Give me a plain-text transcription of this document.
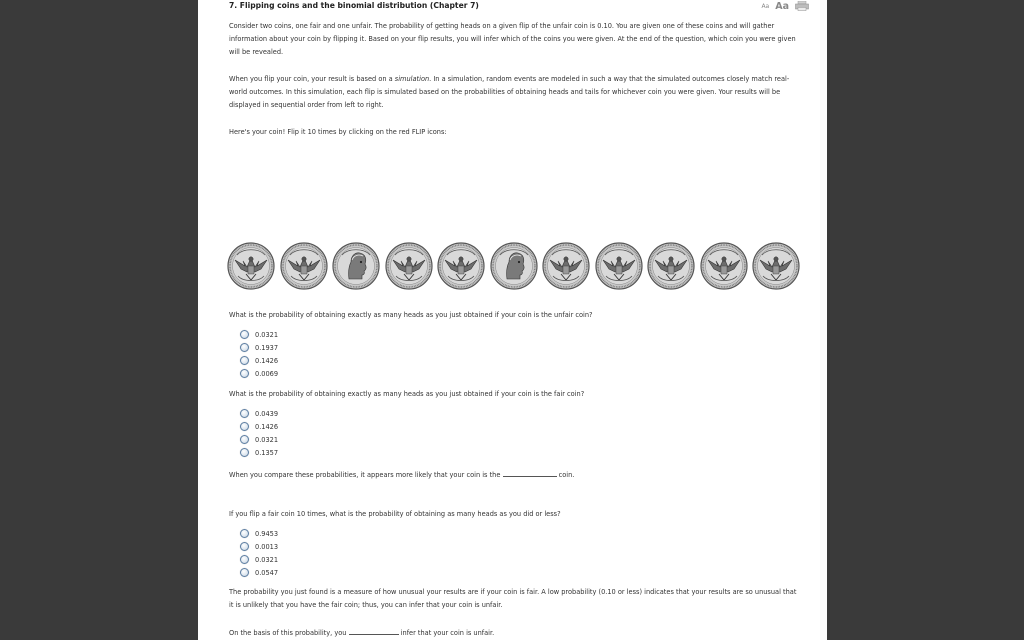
7. Flipping coins and the binomial distribution (Chapter 7)	Aa Aa
Consider two coins, one fair and one unfair. The probability of getting heads on a given flip of the unfair coin is 0.10. You are given one of these coins and will gather information about your coin by flipping it. Based on your flip results, you will infer which of the coins you were given. At the end of the question, which coin you were given will be revealed.
When you flip your coin, your result is based on a simulation. In a simulation, random events are modeled in such a way that the simulated outcomes closely match real-world outcomes. In this simulation, each flip is simulated based on the probabilities of obtaining heads and tails for whichever coin you were given. Your results will be displayed in sequential order from left to right.
Here's your coin! Flip it 10 times by clicking on the red FLIP icons:
What is the probability of obtaining exactly as many heads as you just obtained if your coin is the unfair coin?
0.0321
0.1937
0.1426
0.0069
What is the probability of obtaining exactly as many heads as you just obtained if your coin is the fair coin?
0.0439
0.1426
0.0321
0.1357
When you compare these probabilities, it appears more likely that your coin is the	coin.
If you flip a fair coin 10 times, what is the probability of obtaining as many heads as you did or less?
0.9453
0.0013
0.0321
0.0547
The probability you just found is a measure of how unusual your results are if your coin is fair. A low probability (0.10 or less) indicates that your results are so unusual that it is unlikely that you have the fair coin; thus, you can infer that your coin is unfair.
On the basis of this probability, you	infer that your coin is unfair.
